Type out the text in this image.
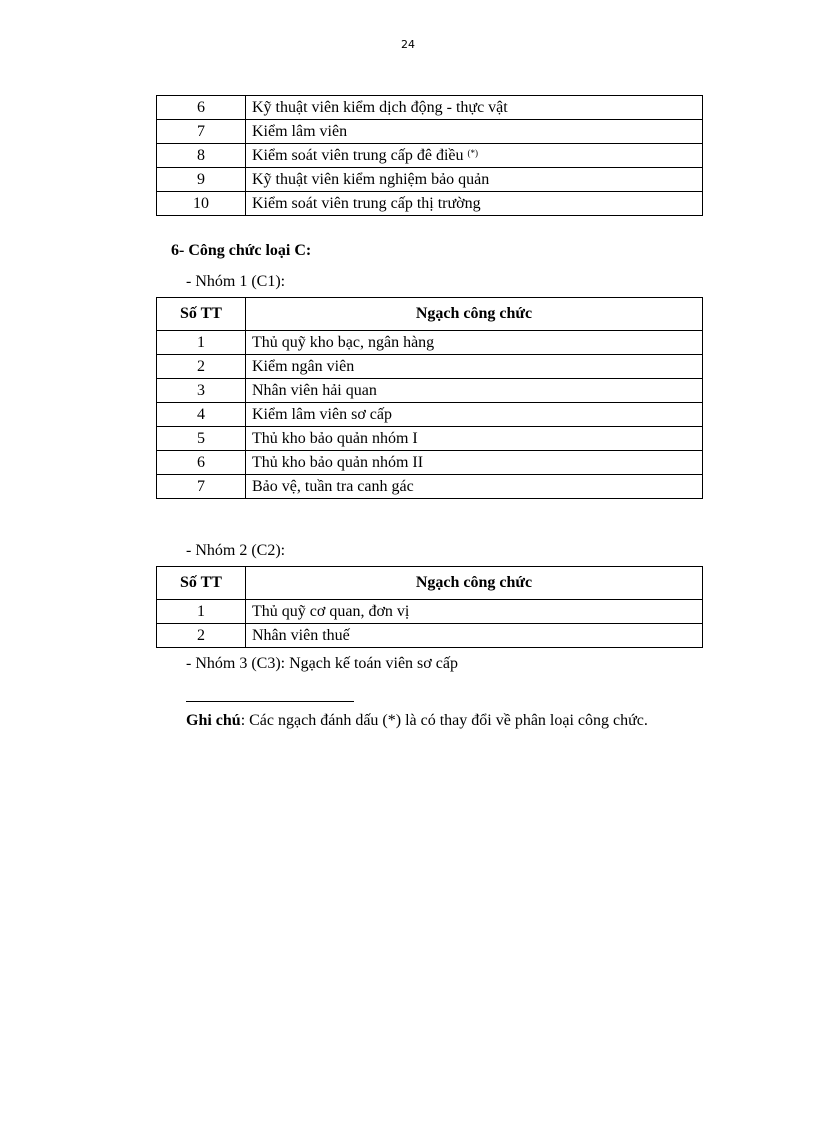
24
6	Kỹ thuật viên kiểm dịch động - thực vật
7	Kiểm lâm viên
8	Kiểm soát viên trung cấp đê điều (*)
9	Kỹ thuật viên kiểm nghiệm bảo quản
10	Kiểm soát viên trung cấp thị trường
6- Công chức loại C:
- Nhóm 1 (C1):
Số TT	Ngạch công chức
1	Thủ quỹ kho bạc, ngân hàng
2	Kiểm ngân viên
3	Nhân viên hải quan
4	Kiểm lâm viên sơ cấp
5	Thủ kho bảo quản nhóm I
6	Thủ kho bảo quản nhóm II
7	Bảo vệ, tuần tra canh gác
- Nhóm 2 (C2):
Số TT	Ngạch công chức
1	Thủ quỹ cơ quan, đơn vị
2	Nhân viên thuế
- Nhóm 3 (C3): Ngạch kế toán viên sơ cấp
Ghi chú: Các ngạch đánh dấu (*) là có thay đổi về phân loại công chức.
